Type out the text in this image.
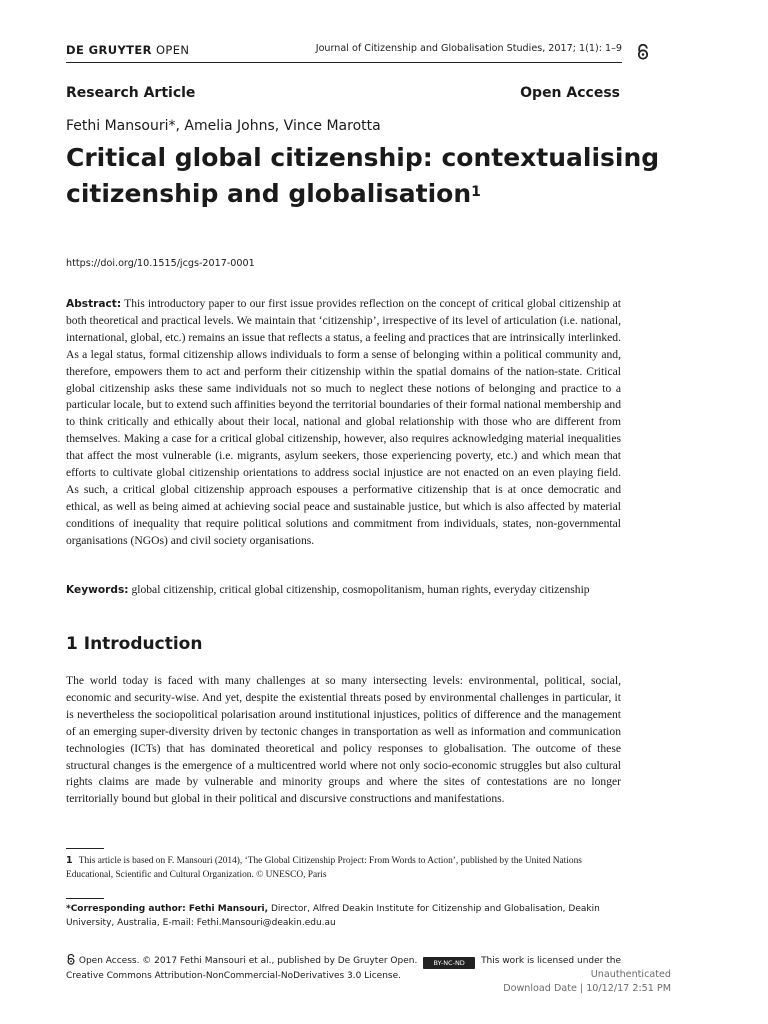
DE GRUYTER OPEN	Journal of Citizenship and Globalisation Studies, 2017; 1(1): 1–9
Research Article	Open Access
Fethi Mansouri*, Amelia Johns, Vince Marotta
Critical global citizenship: contextualising
citizenship and globalisation$^1$
https://doi.org/10.1515/jcgs-2017-0001

Abstract: This introductory paper to our first issue provides reflection on the concept of critical global citizenship at both theoretical and practical levels. We maintain that ‘citizenship’, irrespective of its level of articulation (i.e. national, international, global, etc.) remains an issue that reflects a status, a feeling and practices that are intrinsically interlinked. As a legal status, formal citizenship allows individuals to form a sense of belonging within a political community and, therefore, empowers them to act and perform their citizenship within the spatial domains of the nation-state. Critical global citizenship asks these same individuals not so much to neglect these notions of belonging and practice to a particular locale, but to extend such affinities beyond the territorial boundaries of their formal national membership and to think critically and ethically about their local, national and global relationship with those who are different from themselves. Making a case for a critical global citizenship, however, also requires acknowledging material inequalities that affect the most vulnerable (i.e. migrants, asylum seekers, those experiencing poverty, etc.) and which mean that efforts to cultivate global citizenship orientations to address social injustice are not enacted on an even playing field. As such, a critical global citizenship approach espouses a performative citizenship that is at once democratic and ethical, as well as being aimed at achieving social peace and sustainable justice, but which is also affected by material conditions of inequality that require political solutions and commitment from individuals, states, non-governmental organisations (NGOs) and civil society organisations.

Keywords: global citizenship, critical global citizenship, cosmopolitanism, human rights, everyday citizenship

1 Introduction

The world today is faced with many challenges at so many intersecting levels: environmental, political, social, economic and security-wise. And yet, despite the existential threats posed by environmental challenges in particular, it is nevertheless the sociopolitical polarisation around institutional injustices, politics of difference and the management of an emerging super-diversity driven by tectonic changes in transportation as well as information and communication technologies (ICTs) that has dominated theoretical and policy responses to globalisation. The outcome of these structural changes is the emergence of a multicentred world where not only socio-economic struggles but also cultural rights claims are made by vulnerable and minority groups and where the sites of contestations are no longer territorially bound but global in their political and discursive constructions and manifestations.

1 This article is based on F. Mansouri (2014), ‘The Global Citizenship Project: From Words to Action’, published by the United Nations Educational, Scientific and Cultural Organization. © UNESCO, Paris

*Corresponding author: Fethi Mansouri, Director, Alfred Deakin Institute for Citizenship and Globalisation, Deakin University, Australia, E-mail: Fethi.Mansouri@deakin.edu.au

Open Access. © 2017 Fethi Mansouri et al., published by De Gruyter Open. BY-NC-ND This work is licensed under the Creative Commons Attribution-NonCommercial-NoDerivatives 3.0 License.	Unauthenticated
Download Date | 10/12/17 2:51 PM
